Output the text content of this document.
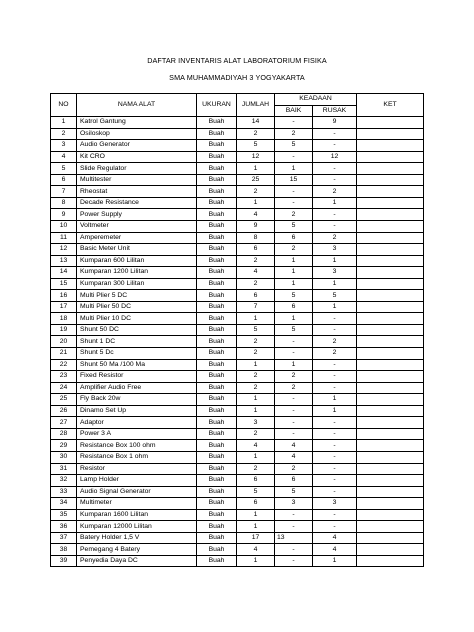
DAFTAR INVENTARIS ALAT LABORATORIUM FISIKA
SMA MUHAMMADIYAH 3 YOGYAKARTA
NO	NAMA ALAT	UKURAN	JUMLAH	KEADAAN		KET
				BAIK	RUSAK	
1	Katrol Gantung	Buah	14	-	9	
2	Osiloskop	Buah	2	2	-	
3	Audio Generator	Buah	5	5	-	
4	Kit CRO	Buah	12	-	12	
5	Slide Regulator	Buah	1	1	-	
6	Multitester	Buah	25	15	-	
7	Rheostat	Buah	2	-	2	
8	Decade Resistance	Buah	1	-	1	
9	Power Supply	Buah	4	2	-	
10	Voltmeter	Buah	9	5	-	
11	Amperemeter	Buah	8	6	2	
12	Basic Meter Unit	Buah	6	2	3	
13	Kumparan 600 Lilitan	Buah	2	1	1	
14	Kumparan 1200 Lilitan	Buah	4	1	3	
15	Kumparan 300 Lilitan	Buah	2	1	1	
16	Multi Plier 5 DC	Buah	6	5	5	
17	Multi Plier 50 DC	Buah	7	6	1	
18	Multi Plier 10 DC	Buah	1	1	-	
19	Shunt 50 DC	Buah	5	5	-	
20	Shunt 1 DC	Buah	2	-	2	
21	Shunt 5 Dc	Buah	2	-	2	
22	Shunt 50 Ma /100 Ma	Buah	1	1	-	
23	Fixed Resistor	Buah	2	2	-	
24	Amplifier Audio Free	Buah	2	2	-	
25	Fly Back 20w	Buah	1	-	1	
26	Dinamo Set Up	Buah	1	-	1	
27	Adaptor	Buah	3	-	-	
28	Power 3 A	Buah	2	-	-	
29	Resistance Box 100 ohm	Buah	4	4	-	
30	Resistance Box 1 ohm	Buah	1	4	-	
31	Resistor	Buah	2	2	-	
32	Lamp Holder	Buah	6	6	-	
33	Audio Signal Generator	Buah	5	5	-	
34	Multimeter	Buah	6	3	3	
35	Kumparan 1600 Lilitan	Buah	1	-	-	
36	Kumparan 12000 Lilitan	Buah	1	-	-	
37	Batery Holder 1,5 V	Buah	17	13	4	
38	Pemegang 4 Batery	Buah	4	-	4	
39	Penyedia Daya DC	Buah	1	-	1	
